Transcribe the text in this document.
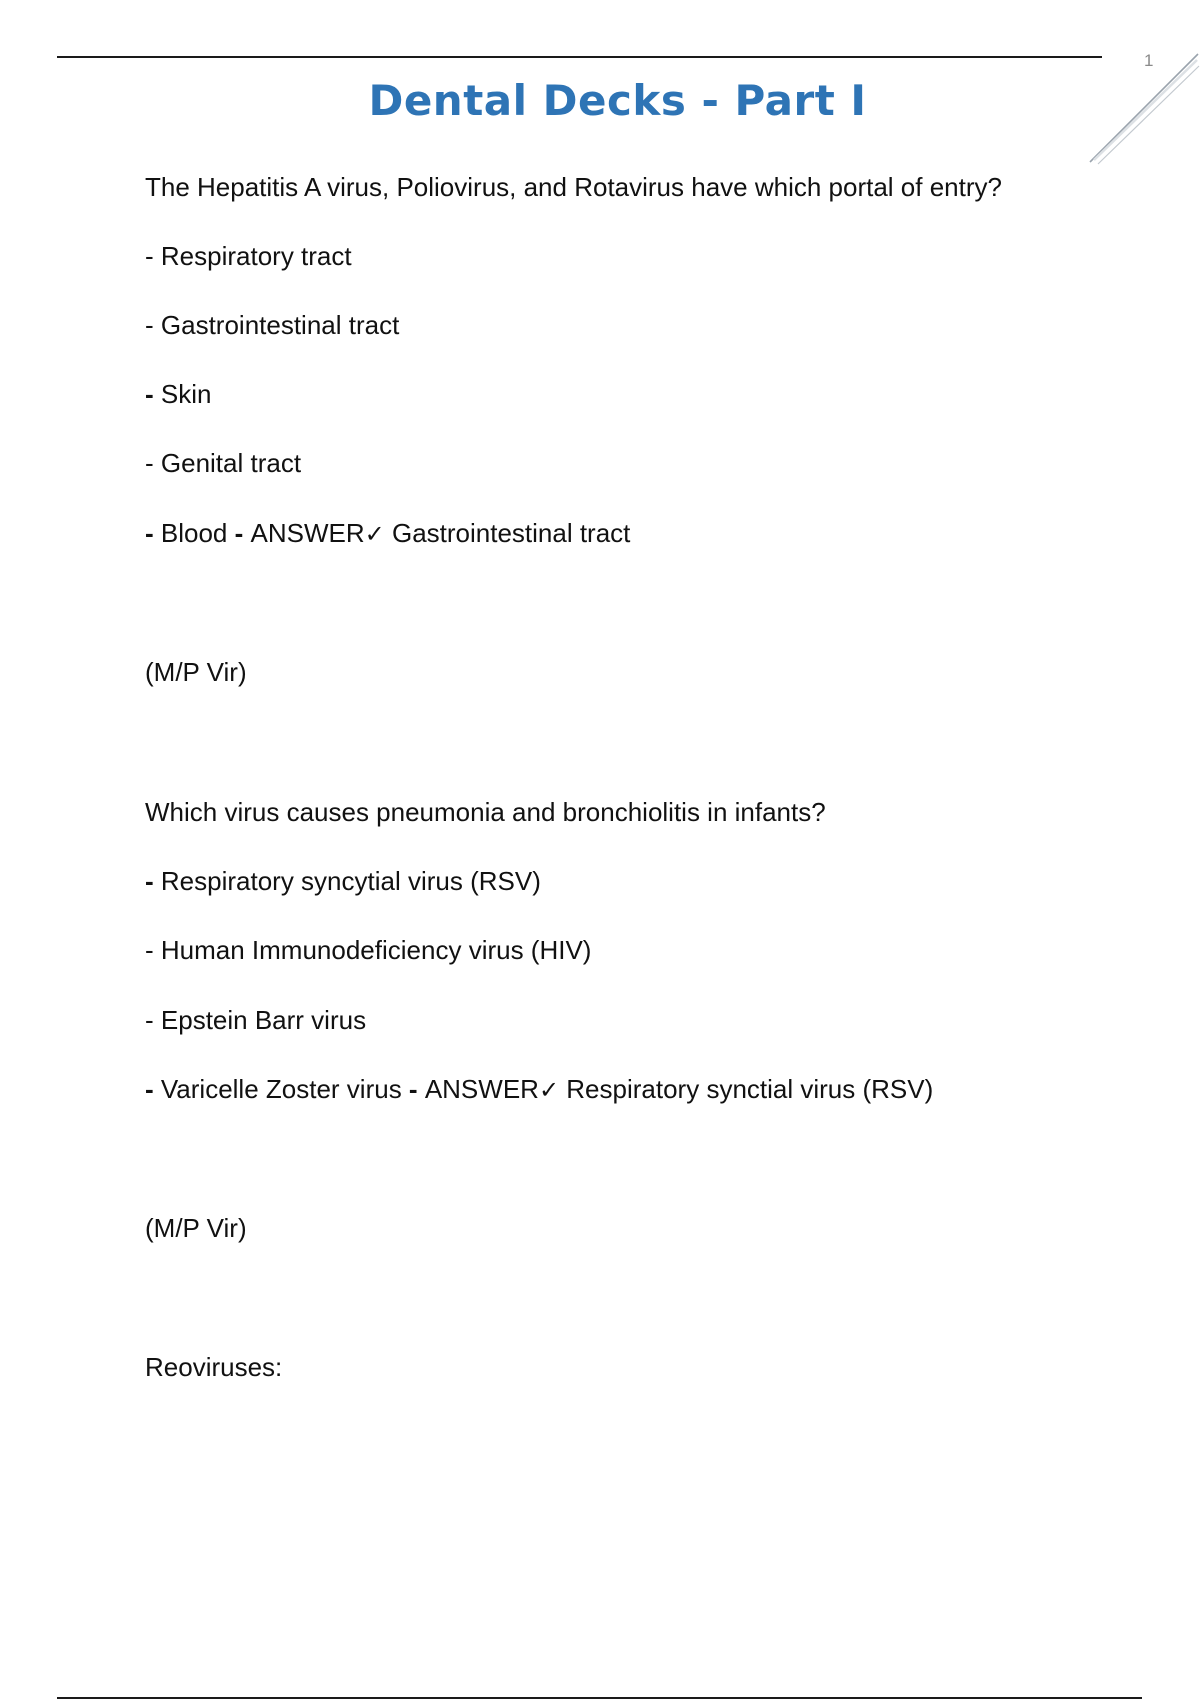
1
Dental Decks - Part I
The Hepatitis A virus, Poliovirus, and Rotavirus have which portal of entry?
- Respiratory tract
- Gastrointestinal tract
- Skin
- Genital tract
- Blood - ANSWER✓ Gastrointestinal tract
(M/P Vir)
Which virus causes pneumonia and bronchiolitis in infants?
- Respiratory syncytial virus (RSV)
- Human Immunodeficiency virus (HIV)
- Epstein Barr virus
- Varicelle Zoster virus - ANSWER✓ Respiratory synctial virus (RSV)
(M/P Vir)
Reoviruses:
